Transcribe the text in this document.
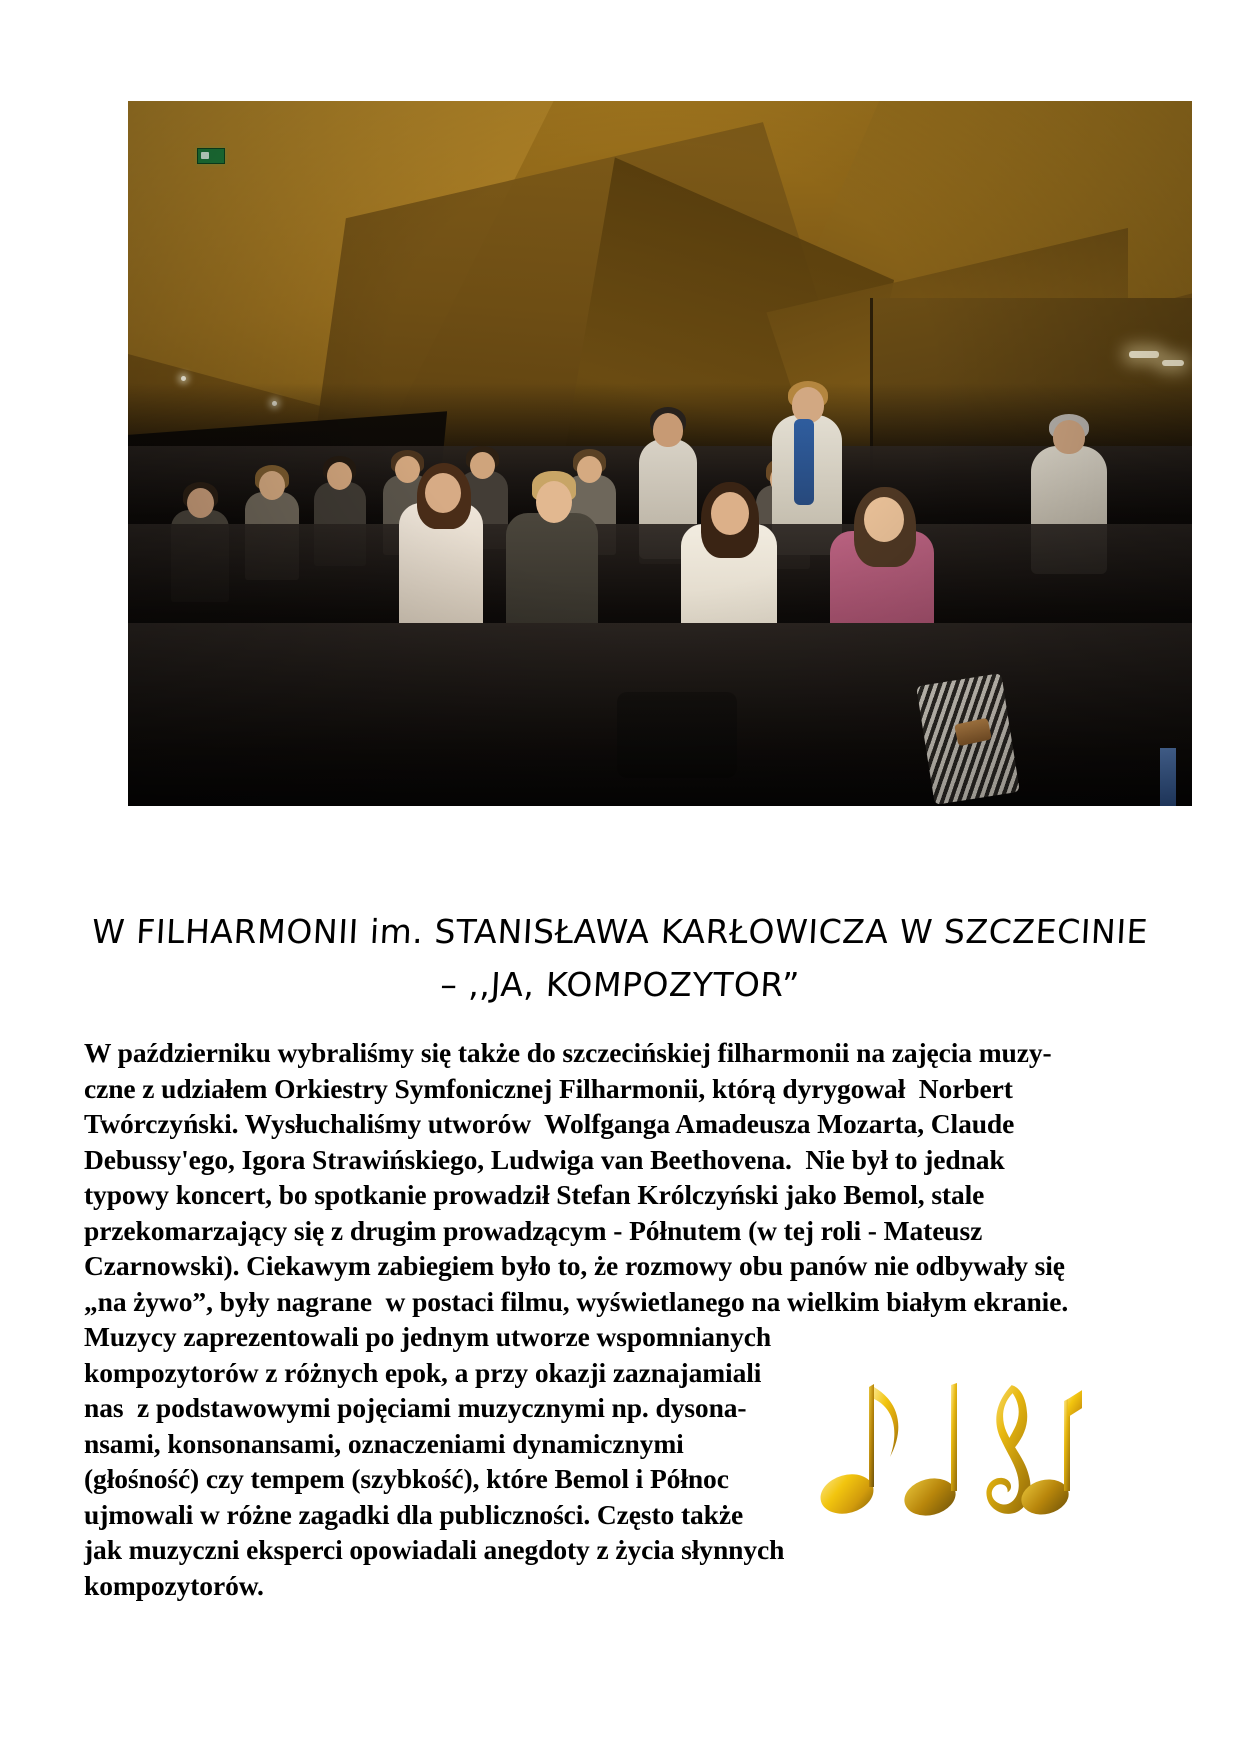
W FILHARMONII im. STANISŁAWA KARŁOWICZA W SZCZECINIE
– ,,JA, KOMPOZYTOR”
W październiku wybraliśmy się także do szczecińskiej filharmonii na zajęcia muzy-
czne z udziałem Orkiestry Symfonicznej Filharmonii, którą dyrygował  Norbert
Twórczyński. Wysłuchaliśmy utworów  Wolfganga Amadeusza Mozarta, Claude
Debussy'ego, Igora Strawińskiego, Ludwiga van Beethovena.  Nie był to jednak
typowy koncert, bo spotkanie prowadził Stefan Królczyński jako Bemol, stale
przekomarzający się z drugim prowadzącym - Półnutem (w tej roli - Mateusz
Czarnowski). Ciekawym zabiegiem było to, że rozmowy obu panów nie odbywały się
„na żywo”, były nagrane  w postaci filmu, wyświetlanego na wielkim białym ekranie.
Muzycy zaprezentowali po jednym utworze wspomnianych
kompozytorów z różnych epok, a przy okazji zaznajamiali
nas  z podstawowymi pojęciami muzycznymi np. dysona-
nsami, konsonansami, oznaczeniami dynamicznymi
(głośność) czy tempem (szybkość), które Bemol i Północ
ujmowali w różne zagadki dla publiczności. Często także
jak muzyczni eksperci opowiadali anegdoty z życia słynnych
kompozytorów.
